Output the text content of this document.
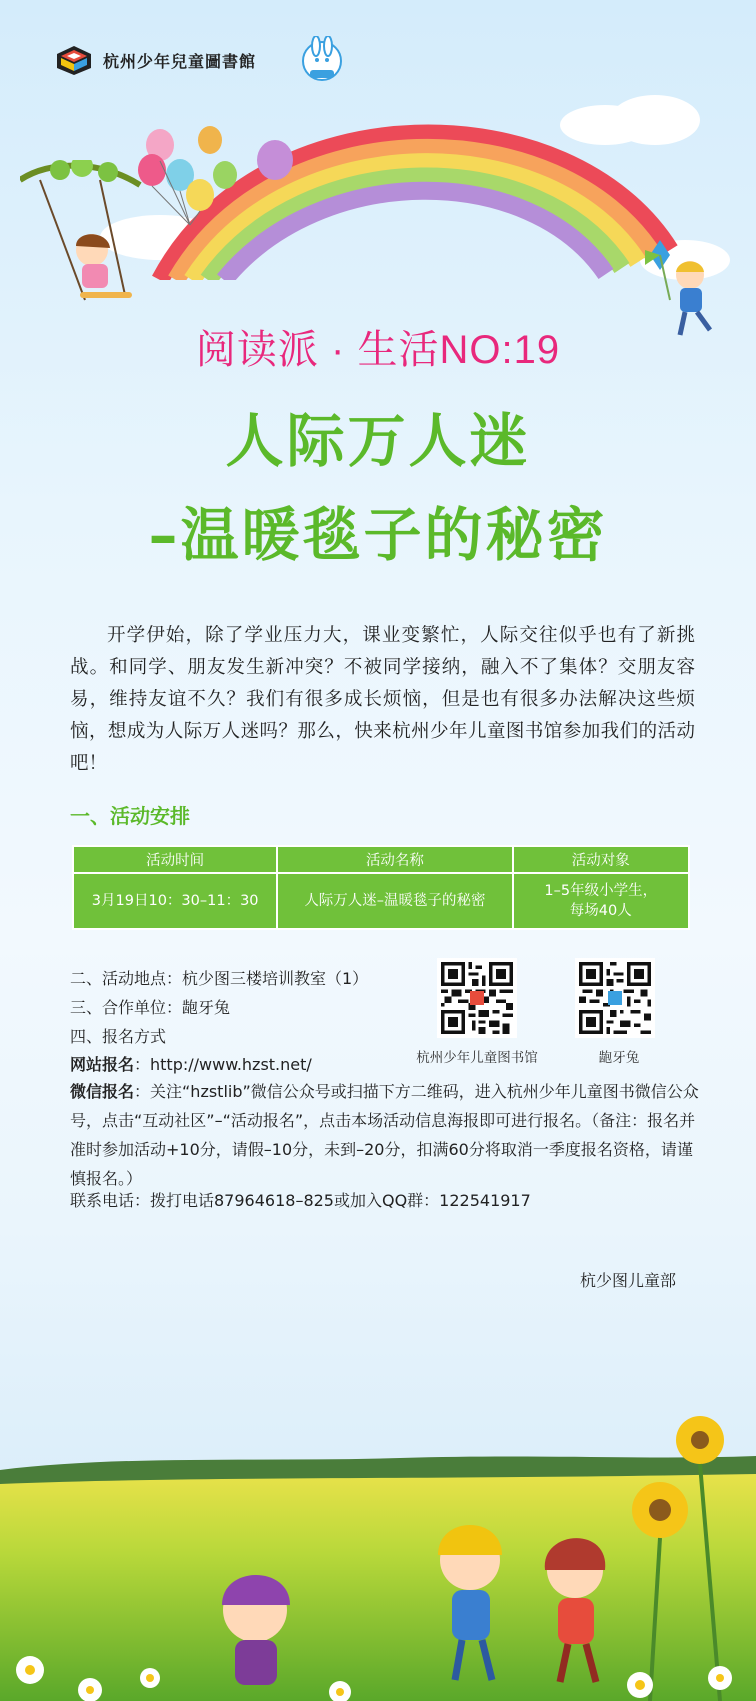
杭州少年兒童圖書館
阅读派 · 生活NO:19
人际万人迷
–温暖毯子的秘密

开学伊始，除了学业压力大，课业变繁忙，人际交往似乎也有了新挑战。和同学、朋友发生新冲突？不被同学接纳，融入不了集体？交朋友容易，维持友谊不久？我们有很多成长烦恼，但是也有很多办法解决这些烦恼，想成为人际万人迷吗？那么，快来杭州少年儿童图书馆参加我们的活动吧！

一、活动安排
活动时间	活动名称	活动对象
3月19日10：30–11：30	人际万人迷–温暖毯子的秘密	1–5年级小学生，
每场40人
二、活动地点：杭少图三楼培训教室（1）
三、合作单位：龅牙兔
四、报名方式
网站报名：http://www.hzst.net/

微信报名：关注“hzstlib”微信公众号或扫描下方二维码，进入杭州少年儿童图书微信公众号，点击“互动社区”–“活动报名”，点击本场活动信息海报即可进行报名。（备注：报名并准时参加活动+10分，请假–10分，未到–20分，扣满60分将取消一季度报名资格，请谨慎报名。）

联系电话：拨打电话87964618–825或加入QQ群：122541917
杭州少年儿童图书馆	龅牙兔
杭少图儿童部
